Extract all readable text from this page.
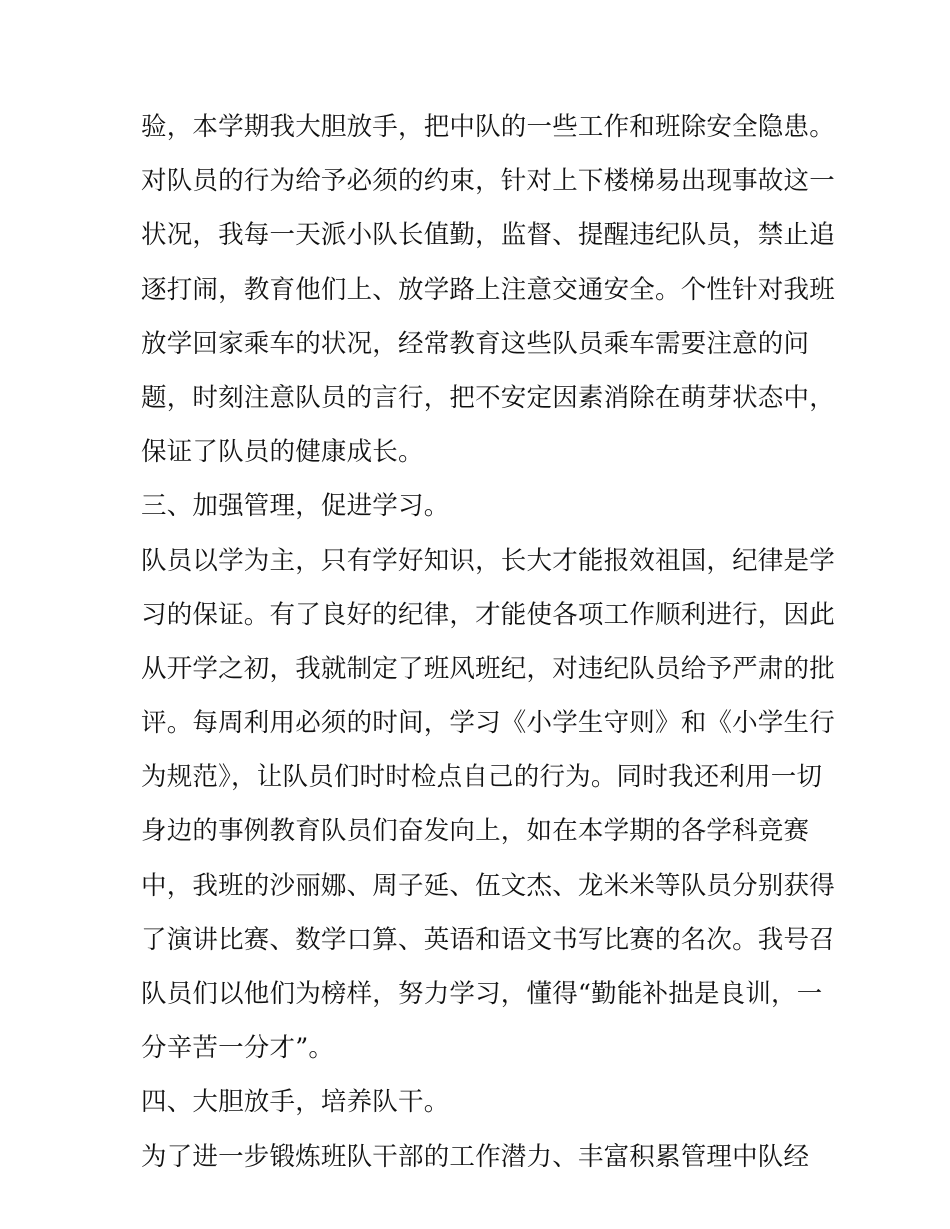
验，本学期我大胆放手，把中队的一些工作和班除安全隐患。
对队员的行为给予必须的约束，针对上下楼梯易出现事故这一
状况，我每一天派小队长值勤，监督、提醒违纪队员，禁止追
逐打闹，教育他们上、放学路上注意交通安全。个性针对我班
放学回家乘车的状况，经常教育这些队员乘车需要注意的问
题，时刻注意队员的言行，把不安定因素消除在萌芽状态中，
保证了队员的健康成长。
三、加强管理，促进学习。
队员以学为主，只有学好知识，长大才能报效祖国，纪律是学
习的保证。有了良好的纪律，才能使各项工作顺利进行，因此
从开学之初，我就制定了班风班纪，对违纪队员给予严肃的批
评。每周利用必须的时间，学习《小学生守则》和《小学生行
为规范》，让队员们时时检点自己的行为。同时我还利用一切
身边的事例教育队员们奋发向上，如在本学期的各学科竞赛
中，我班的沙丽娜、周子延、伍文杰、龙米米等队员分别获得
了演讲比赛、数学口算、英语和语文书写比赛的名次。我号召
队员们以他们为榜样，努力学习，懂得“勤能补拙是良训，一
分辛苦一分才”。
四、大胆放手，培养队干。
为了进一步锻炼班队干部的工作潜力、丰富积累管理中队经
